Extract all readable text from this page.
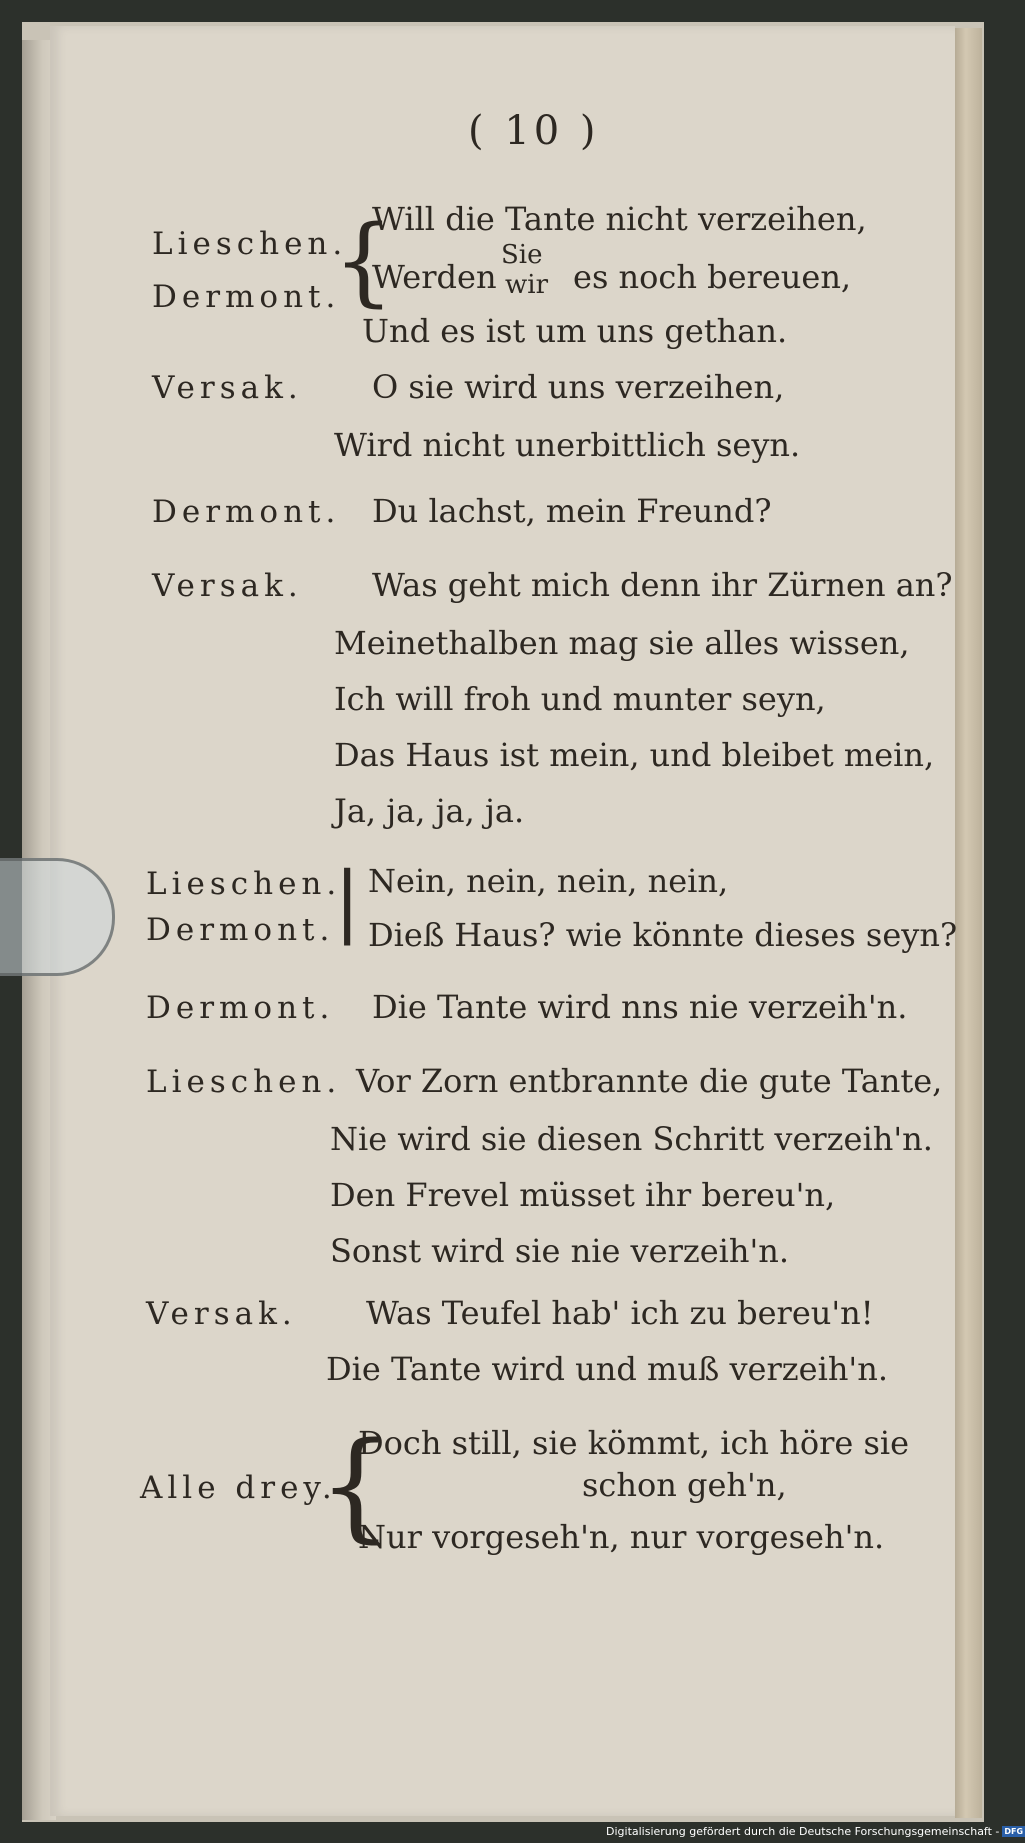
( 10 )
Lieschen.
Dermont.
{
Will die Tante nicht verzeihen,
Werden
Sie
wir es noch bereuen,
Und es ist um uns gethan.
Versak. O sie wird uns verzeihen,
Wird nicht unerbittlich seyn.
Dermont. Du lachst, mein Freund?
Versak. Was geht mich denn ihr Zürnen an?
Meinethalben mag sie alles wissen,
Ich will froh und munter seyn,
Das Haus ist mein, und bleibet mein,
Ja, ja, ja, ja.
Lieschen.
Dermont. | Nein, nein, nein, nein,
Dieß Haus? wie könnte dieses seyn?
Dermont. Die Tante wird nns nie verzeih'n.
Lieschen. Vor Zorn entbrannte die gute Tante,
Nie wird sie diesen Schritt verzeih'n.
Den Frevel müsset ihr bereu'n,
Sonst wird sie nie verzeih'n.
Versak. Was Teufel hab' ich zu bereu'n!
Die Tante wird und muß verzeih'n.
Alle drey.
{
Doch still, sie kömmt, ich höre sie
schon geh'n,
Nur vorgeseh'n, nur vorgeseh'n.
Digitalisierung gefördert durch die Deutsche Forschungsgemeinschaft - DFG
